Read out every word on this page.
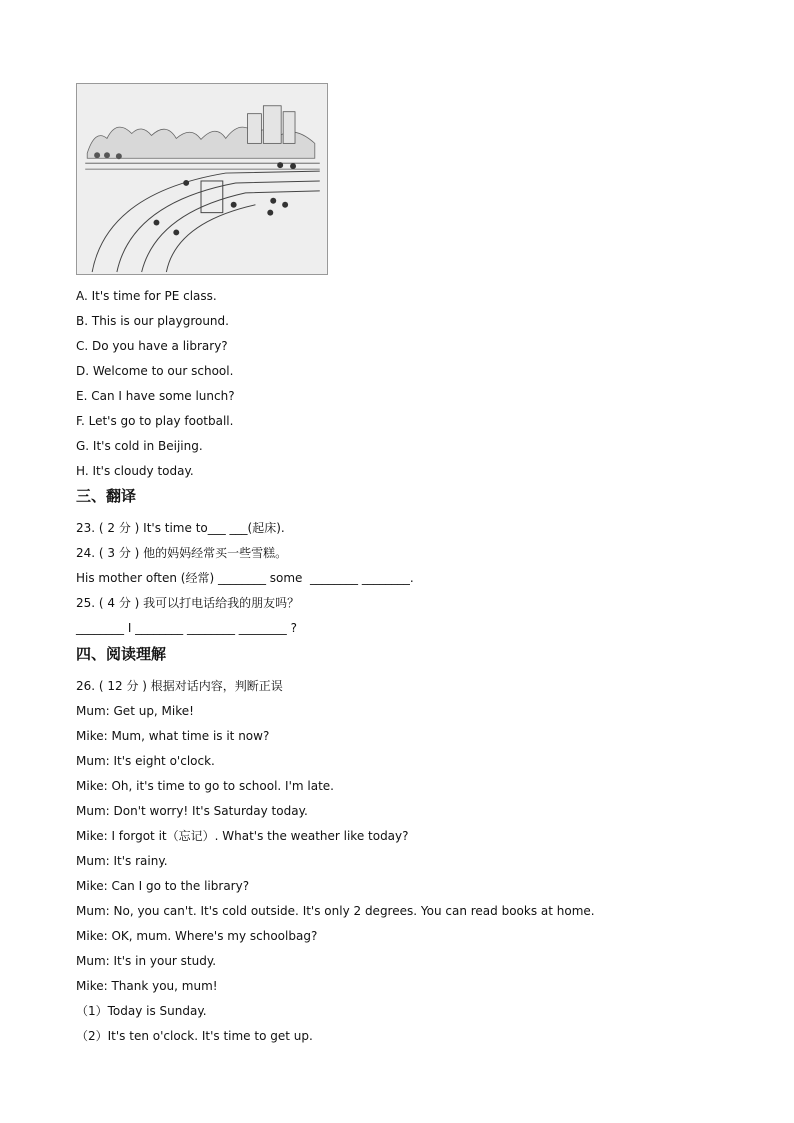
A. It's time for PE class.
B. This is our playground.
C. Do you have a library?
D. Welcome to our school.
E. Can I have some lunch?
F. Let's go to play football.
G. It's cold in Beijing.
H. It's cloudy today.
三、翻译
23. ( 2 分 ) It's time to___ ___(起床).
24. ( 3 分 ) 他的妈妈经常买一些雪糕。
His mother often (经常) ________ some  ________ ________.
25. ( 4 分 ) 我可以打电话给我的朋友吗？
________ I ________ ________ ________ ?
四、阅读理解
26. ( 12 分 ) 根据对话内容，判断正误
Mum: Get up, Mike!
Mike: Mum, what time is it now?
Mum: It's eight o'clock.
Mike: Oh, it's time to go to school. I'm late.
Mum: Don't worry! It's Saturday today.
Mike: I forgot it（忘记）. What's the weather like today?
Mum: It's rainy.
Mike: Can I go to the library?
Mum: No, you can't. It's cold outside. It's only 2 degrees. You can read books at home.
Mike: OK, mum. Where's my schoolbag?
Mum: It's in your study.
Mike: Thank you, mum!
（1）Today is Sunday.
（2）It's ten o'clock. It's time to get up.
